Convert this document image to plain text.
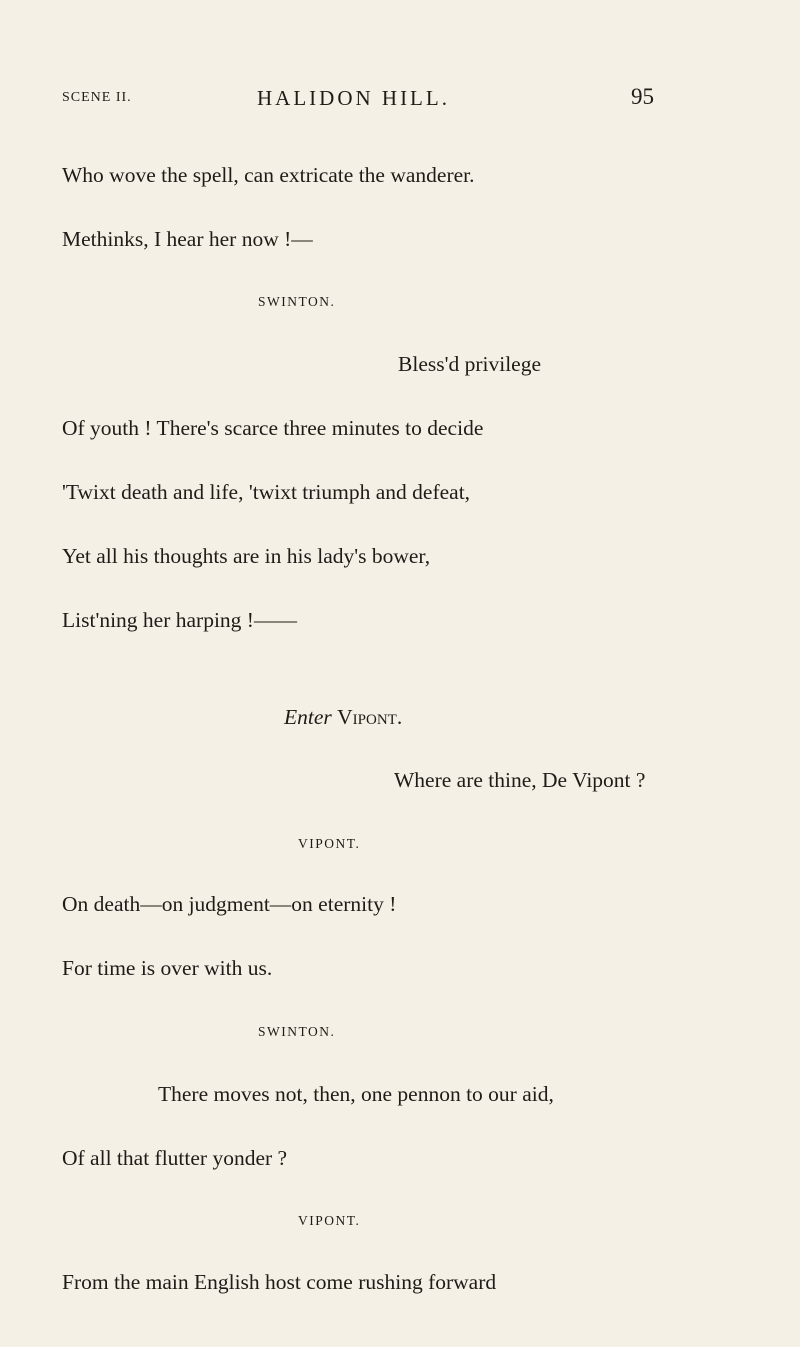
SCENE II.	HALIDON HILL.	95
Who wove the spell, can extricate the wanderer.
Methinks, I hear her now !—
SWINTON.
Bless'd privilege
Of youth ! There's scarce three minutes to decide
'Twixt death and life, 'twixt triumph and defeat,
Yet all his thoughts are in his lady's bower,
List'ning her harping !——
Enter Vipont.
Where are thine, De Vipont ?
VIPONT.
On death—on judgment—on eternity !
For time is over with us.
SWINTON.
There moves not, then, one pennon to our aid,
Of all that flutter yonder ?
VIPONT.
From the main English host come rushing forward
